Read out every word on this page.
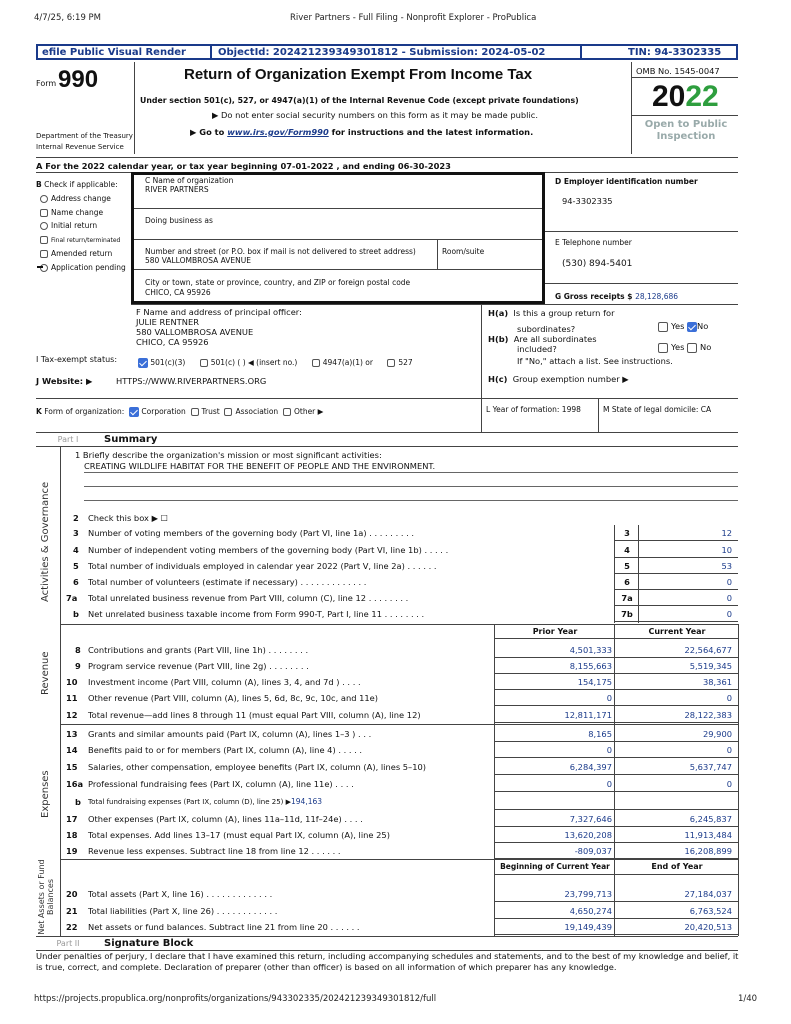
4/7/25, 6:19 PM	River Partners - Full Filing - Nonprofit Explorer - ProPublica
efile Public Visual Render	ObjectId: 202421239349301812 - Submission: 2024-05-02	TIN: 94-3302335
Form 990
Department of the Treasury
Internal Revenue Service
Return of Organization Exempt From Income Tax
Under section 501(c), 527, or 4947(a)(1) of the Internal Revenue Code (except private foundations)
▶ Do not enter social security numbers on this form as it may be made public.
▶ Go to www.irs.gov/Form990 for instructions and the latest information.
OMB No. 1545-0047
2022
Open to Public
Inspection
A For the 2022 calendar year, or tax year beginning 07-01-2022 , and ending 06-30-2023
B Check if applicable:
Address change
Name change
Initial return
Final return/terminated
Amended return
Application pending
C Name of organization
RIVER PARTNERS
Doing business as
Number and street (or P.O. box if mail is not delivered to street address)	Room/suite
580 VALLOMBROSA AVENUE
City or town, state or province, country, and ZIP or foreign postal code
CHICO, CA 95926
D Employer identification number
94-3302335
E Telephone number
(530) 894-5401
G Gross receipts $ 28,128,686
F Name and address of principal officer:
JULIE RENTNER
580 VALLOMBROSA AVENUE
CHICO, CA 95926
H(a) Is this a group return for
subordinates?	Yes No
H(b) Are all subordinates
included?
If "No," attach a list. See instructions.
Yes No
H(c) Group exemption number ▶
I Tax-exempt status:	501(c)(3)	501(c) ( ) ◀ (insert no.)	4947(a)(1) or	527
J Website: ▶	HTTPS://WWW.RIVERPARTNERS.ORG
K Form of organization: Corporation Trust Association Other ▶	L Year of formation: 1998	M State of legal domicile: CA
Part I	Summary
Activities & Governance
Revenue
Expenses
Net Assets or Fund Balances
1 Briefly describe the organization's mission or most significant activities:
CREATING WILDLIFE HABITAT FOR THE BENEFIT OF PEOPLE AND THE ENVIRONMENT.
2 Check this box ▶ ☐
3 Number of voting members of the governing body (Part VI, line 1a) . . . . . . . . .	3	12
4 Number of independent voting members of the governing body (Part VI, line 1b) . . . . .	4	10
5 Total number of individuals employed in calendar year 2022 (Part V, line 2a) . . . . . .	5	53
6 Total number of volunteers (estimate if necessary) . . . . . . . . . . . . .	6	0
7a Total unrelated business revenue from Part VIII, column (C), line 12 . . . . . . . .	7a	0
b Net unrelated business taxable income from Form 990-T, Part I, line 11 . . . . . . . .	7b	0
Prior Year	Current Year
Beginning of Current Year	End of Year
8 Contributions and grants (Part VIII, line 1h) . . . . . . . .	4,501,333	22,564,677
9 Program service revenue (Part VIII, line 2g) . . . . . . . .	8,155,663	5,519,345
10 Investment income (Part VIII, column (A), lines 3, 4, and 7d ) . . . .	154,175	38,361
11 Other revenue (Part VIII, column (A), lines 5, 6d, 8c, 9c, 10c, and 11e)	0	0
12 Total revenue—add lines 8 through 11 (must equal Part VIII, column (A), line 12)	12,811,171	28,122,383
13 Grants and similar amounts paid (Part IX, column (A), lines 1–3 ) . . .	8,165	29,900
14 Benefits paid to or for members (Part IX, column (A), line 4) . . . . .	0	0
15 Salaries, other compensation, employee benefits (Part IX, column (A), lines 5–10)	6,284,397	5,637,747
16a Professional fundraising fees (Part IX, column (A), line 11e) . . . .	0	0
b Total fundraising expenses (Part IX, column (D), line 25) ▶194,163
17 Other expenses (Part IX, column (A), lines 11a–11d, 11f–24e) . . . .	7,327,646	6,245,837
18 Total expenses. Add lines 13–17 (must equal Part IX, column (A), line 25)	13,620,208	11,913,484
19 Revenue less expenses. Subtract line 18 from line 12 . . . . . .	-809,037	16,208,899
20 Total assets (Part X, line 16) . . . . . . . . . . . . .	23,799,713	27,184,037
21 Total liabilities (Part X, line 26) . . . . . . . . . . . .	4,650,274	6,763,524
22 Net assets or fund balances. Subtract line 21 from line 20 . . . . . .	19,149,439	20,420,513
Part II	Signature Block
Under penalties of perjury, I declare that I have examined this return, including accompanying schedules and statements, and to the best of my knowledge and belief, it is true, correct, and complete. Declaration of preparer (other than officer) is based on all information of which preparer has any knowledge.
https://projects.propublica.org/nonprofits/organizations/943302335/202421239349301812/full	1/40
